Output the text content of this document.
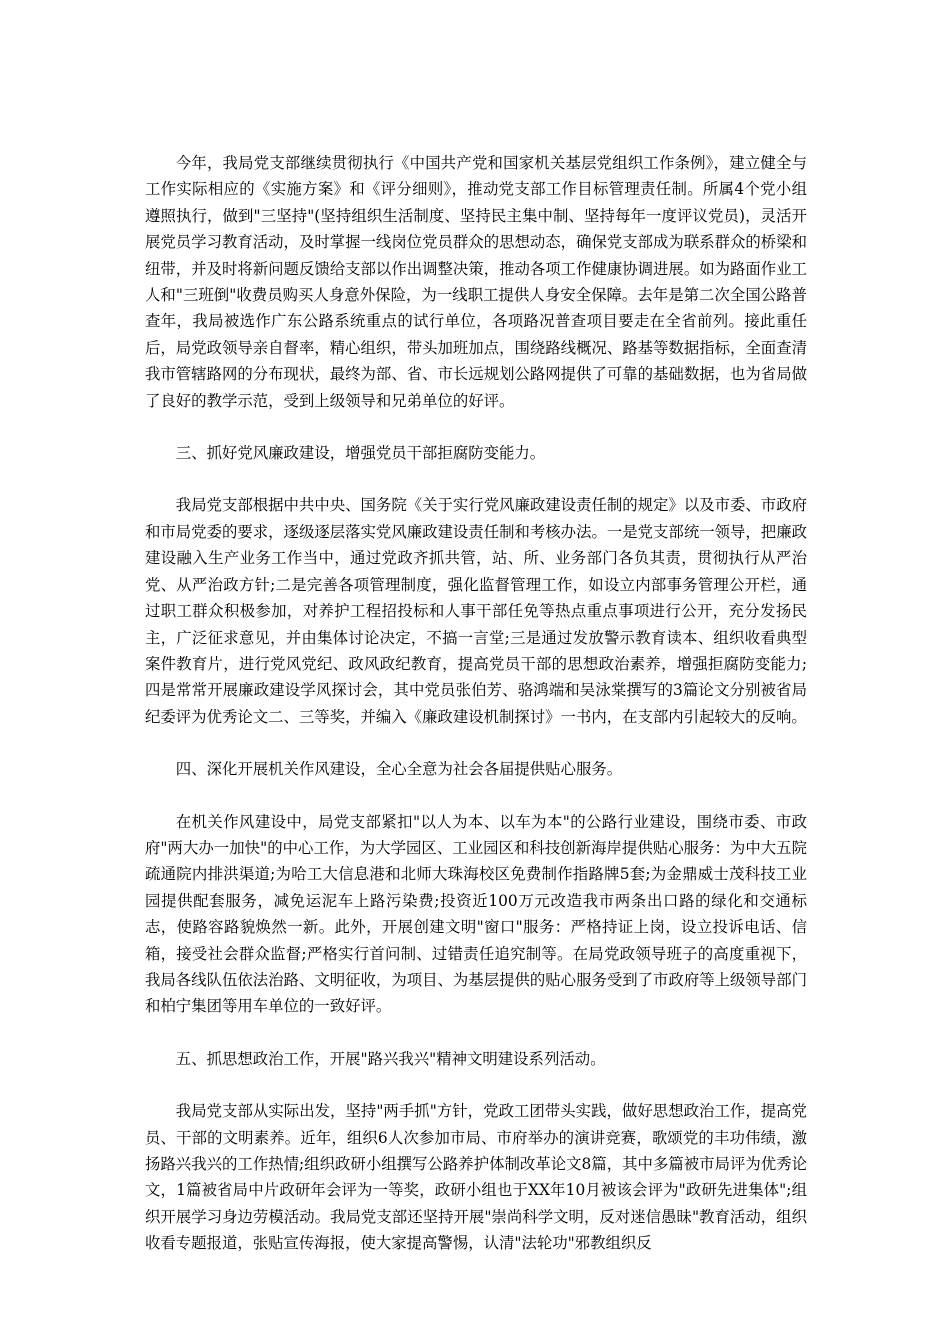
今年，我局党支部继续贯彻执行《中国共产党和国家机关基层党组织工作条例》，建立健全与工作实际相应的《实施方案》和《评分细则》，推动党支部工作目标管理责任制。所属4个党小组遵照执行，做到"三坚持"(坚持组织生活制度、坚持民主集中制、坚持每年一度评议党员)，灵活开展党员学习教育活动，及时掌握一线岗位党员群众的思想动态，确保党支部成为联系群众的桥梁和纽带，并及时将新问题反馈给支部以作出调整决策，推动各项工作健康协调进展。如为路面作业工人和"三班倒"收费员购买人身意外保险，为一线职工提供人身安全保障。去年是第二次全国公路普查年，我局被选作广东公路系统重点的试行单位，各项路况普查项目要走在全省前列。接此重任后，局党政领导亲自督率，精心组织，带头加班加点，围绕路线概况、路基等数据指标，全面查清我市管辖路网的分布现状，最终为部、省、市长远规划公路网提供了可靠的基础数据，也为省局做了良好的教学示范，受到上级领导和兄弟单位的好评。

三、抓好党风廉政建设，增强党员干部拒腐防变能力。

我局党支部根据中共中央、国务院《关于实行党风廉政建设责任制的规定》以及市委、市政府和市局党委的要求，逐级逐层落实党风廉政建设责任制和考核办法。一是党支部统一领导，把廉政建设融入生产业务工作当中，通过党政齐抓共管，站、所、业务部门各负其责，贯彻执行从严治党、从严治政方针;二是完善各项管理制度，强化监督管理工作，如设立内部事务管理公开栏，通过职工群众积极参加，对养护工程招投标和人事干部任免等热点重点事项进行公开，充分发扬民主，广泛征求意见，并由集体讨论决定，不搞一言堂;三是通过发放警示教育读本、组织收看典型案件教育片，进行党风党纪、政风政纪教育，提高党员干部的思想政治素养，增强拒腐防变能力;四是常常开展廉政建设学风探讨会，其中党员张伯芳、骆鸿端和吴泳棠撰写的3篇论文分别被省局纪委评为优秀论文二、三等奖，并编入《廉政建设机制探讨》一书内，在支部内引起较大的反响。

四、深化开展机关作风建设，全心全意为社会各届提供贴心服务。

在机关作风建设中，局党支部紧扣"以人为本、以车为本"的公路行业建设，围绕市委、市政府"两大办一加快"的中心工作，为大学园区、工业园区和科技创新海岸提供贴心服务：为中大五院疏通院内排洪渠道;为哈工大信息港和北师大珠海校区免费制作指路牌5套;为金鼎威士茂科技工业园提供配套服务，减免运泥车上路污染费;投资近100万元改造我市两条出口路的绿化和交通标志，使路容路貌焕然一新。此外，开展创建文明"窗口"服务：严格持证上岗，设立投诉电话、信箱，接受社会群众监督;严格实行首问制、过错责任追究制等。在局党政领导班子的高度重视下，我局各线队伍依法治路、文明征收，为项目、为基层提供的贴心服务受到了市政府等上级领导部门和柏宁集团等用车单位的一致好评。

五、抓思想政治工作，开展"路兴我兴"精神文明建设系列活动。

我局党支部从实际出发，坚持"两手抓"方针，党政工团带头实践，做好思想政治工作，提高党员、干部的文明素养。近年，组织6人次参加市局、市府举办的演讲竞赛，歌颂党的丰功伟绩，激扬路兴我兴的工作热情;组织政研小组撰写公路养护体制改革论文8篇，其中多篇被市局评为优秀论文，1篇被省局中片政研年会评为一等奖，政研小组也于XX年10月被该会评为"政研先进集体";组织开展学习身边劳模活动。我局党支部还坚持开展"崇尚科学文明，反对迷信愚昧"教育活动，组织收看专题报道，张贴宣传海报，使大家提高警惕，认清"法轮功"邪教组织反
